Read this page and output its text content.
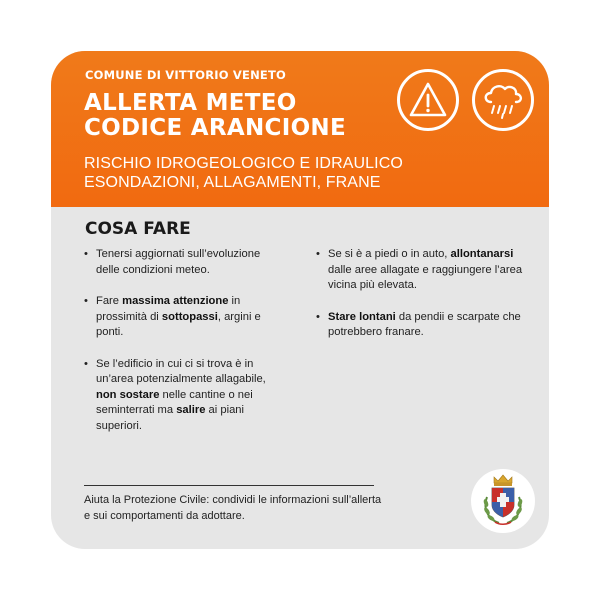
COMUNE DI VITTORIO VENETO
ALLERTA METEO
CODICE ARANCIONE
RISCHIO IDROGEOLOGICO E IDRAULICO
ESONDAZIONI, ALLAGAMENTI, FRANE
COSA FARE
• Tenersi aggiornati sull’evoluzione delle condizioni meteo.
• Fare massima attenzione in prossimità di sottopassi, argini e ponti.
• Se l’edificio in cui ci si trova è in un’area potenzialmente allagabile, non sostare nelle cantine o nei seminterrati ma salire ai piani superiori.
• Se si è a piedi o in auto, allontanarsi dalle aree allagate e raggiungere l’area vicina più elevata.
• Stare lontani da pendii e scarpate che potrebbero franare.
Aiuta la Protezione Civile: condividi le informazioni sull’allerta e sui comportamenti da adottare.
